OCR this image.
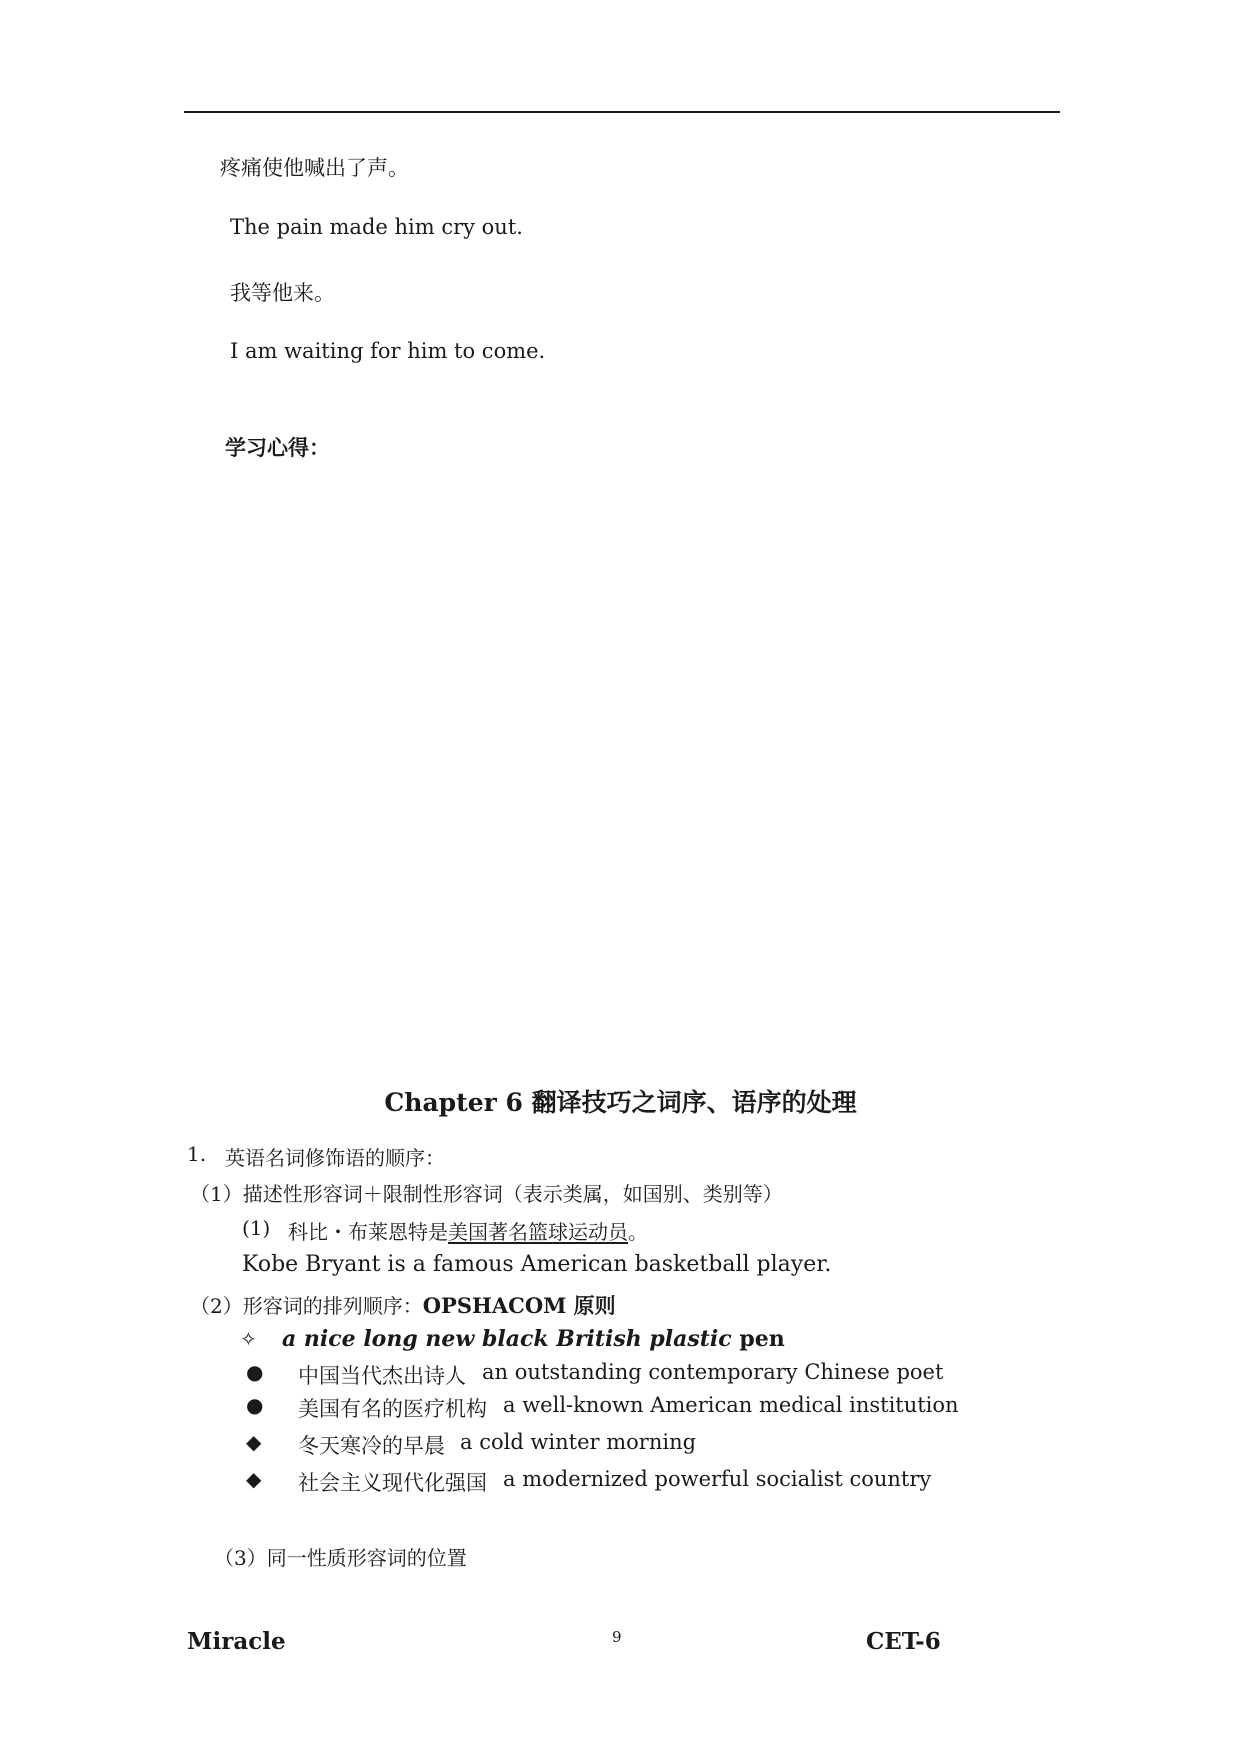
疼痛使他喊出了声。
The pain made him cry out.
我等他来。
I am waiting for him to come.
学习心得：
Chapter 6 翻译技巧之词序、语序的处理
1. 英语名词修饰语的顺序：
（1）描述性形容词＋限制性形容词（表示类属，如国别、类别等）
(1) 科比・布莱恩特是美国著名篮球运动员。
Kobe Bryant is a famous American basketball player.
（2）形容词的排列顺序：OPSHACOM 原则
✧ a nice long new black British plastic pen
● 中国当代杰出诗人 an outstanding contemporary Chinese poet
● 美国有名的医疗机构 a well-known American medical institution
◆ 冬天寒冷的早晨 a cold winter morning
◆ 社会主义现代化强国 a modernized powerful socialist country
（3）同一性质形容词的位置
Miracle	9	CET-6
